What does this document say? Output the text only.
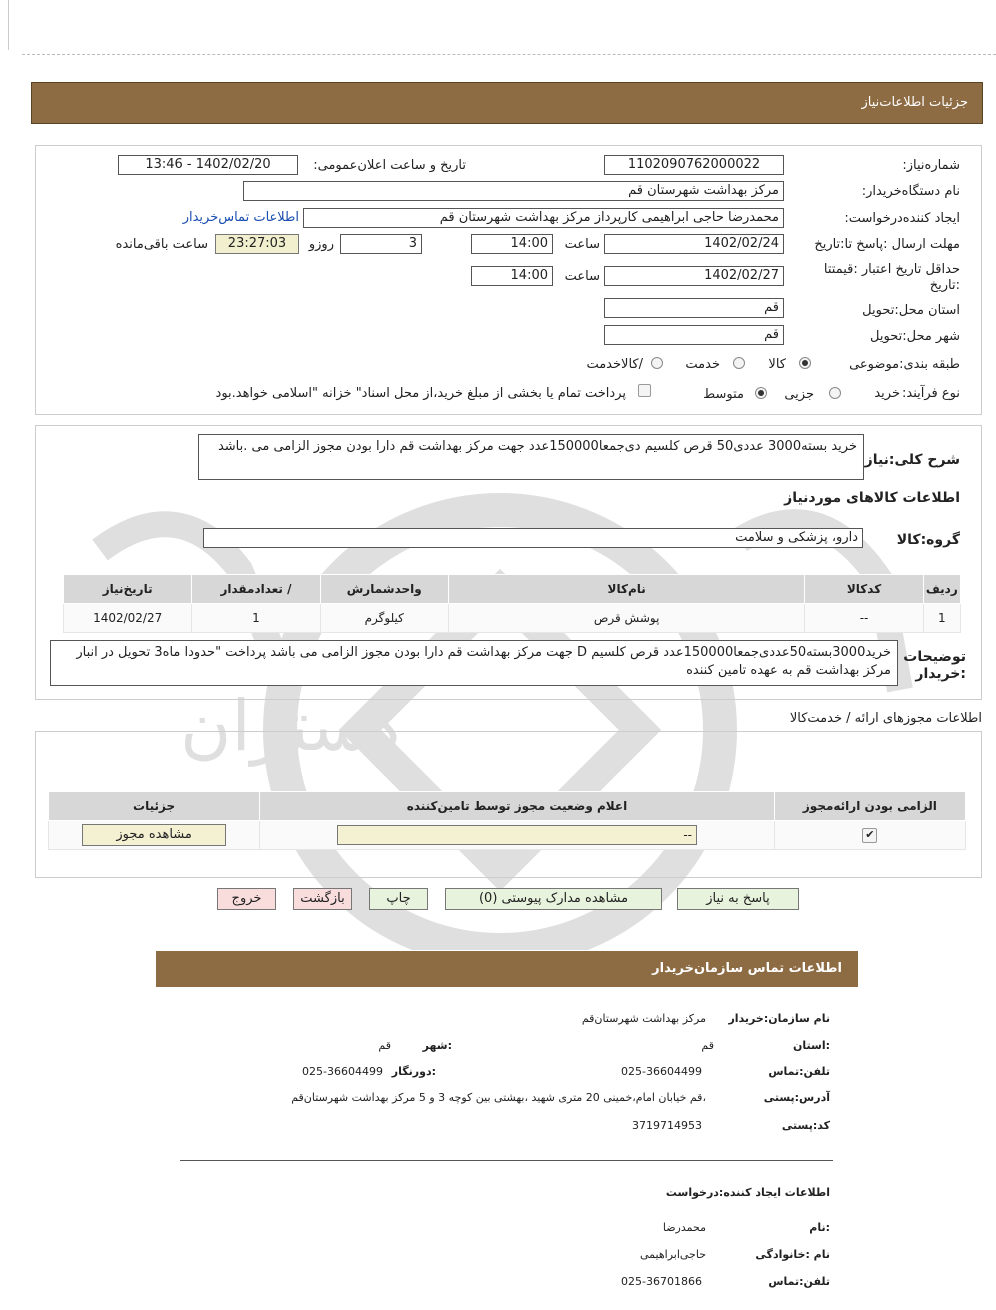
جزئیات اطلاعات‌نیاز
گستران
شماره‌نیاز:
1102090762000022
تاریخ و ساعت اعلان‌عمومی:
1402/02/20 - 13:46
نام دستگاه‌خریدار:
مرکز بهداشت شهرستان قم
ایجاد کننده‌درخواست:
محمدرضا حاجی ابراهیمی کارپرداز مرکز بهداشت شهرستان قم
اطلاعات تماس‌خریدار
مهلت ارسال :پاسخ تا:تاریخ
1402/02/24
ساعت
14:00
3
روزو
23:27:03
ساعت باقی‌مانده
حداقل تاریخ اعتبار :قیمتتا
:تاریخ
1402/02/27
ساعت
14:00
استان محل:تحویل
قم
شهر محل:تحویل
قم
طبقه بندی:موضوعی
کالا
خدمت
/کالاخدمت
نوع فرآیند:
خرید
جزیی
متوسط
پرداخت تمام یا بخشی از مبلغ خرید،از محل اسناد" خزانه "اسلامی خواهد.بود
شرح کلی:نیاز
خرید بسته3000 عددی50 قرص کلسیم دی‌جمعا150000عدد جهت مرکز بهداشت قم دارا بودن مجوز الزامی می .باشد
اطلاعات کالاهای موردنیاز
گروه:کالا
دارو، پزشکی و سلامت
ردیف	کدکالا	نام‌کالا	واحدشمارش	/ تعدادمقدار	تاریخ‌نیاز
1	--	پوشش قرص	کیلوگرم	1	1402/02/27
توضیحات
:خریدار
خرید3000بسته50عددی‌جمعا150000عدد قرص کلسیم D جهت مرکز بهداشت قم دارا بودن مجوز الزامی می باشد پرداخت "حدودا ماه3 تحویل در انبار مرکز بهداشت قم به عهده تامین کننده
اطلاعات مجوزهای ارائه / خدمت‌کالا
الزامی بودن ارائه‌مجوز	اعلام وضعیت مجوز توسط تامین‌کننده	جزئیات
✔	--	مشاهده مجوز
پاسخ به نیاز
مشاهده مدارک پیوستی (0)
چاپ
بازگشت
خروج
اطلاعات تماس سازمان‌خریدار
نام سازمان:خریدار
مرکز بهداشت شهرستان‌قم
:استان
قم
:شهر
قم
تلفن:تماس
025-36604499
:دورنگار
025-36604499
آدرس:پستی
،قم خیابان امام،خمینی 20 متری شهید ،بهشتی بین کوچه 3 و 5 مرکز بهداشت شهرستان‌قم
کد:پستی
3719714953
اطلاعات ایجاد کننده:درخواست
:نام
محمدرضا
نام :خانوادگی
حاجی‌ابراهیمی
تلفن:تماس
025-36701866
